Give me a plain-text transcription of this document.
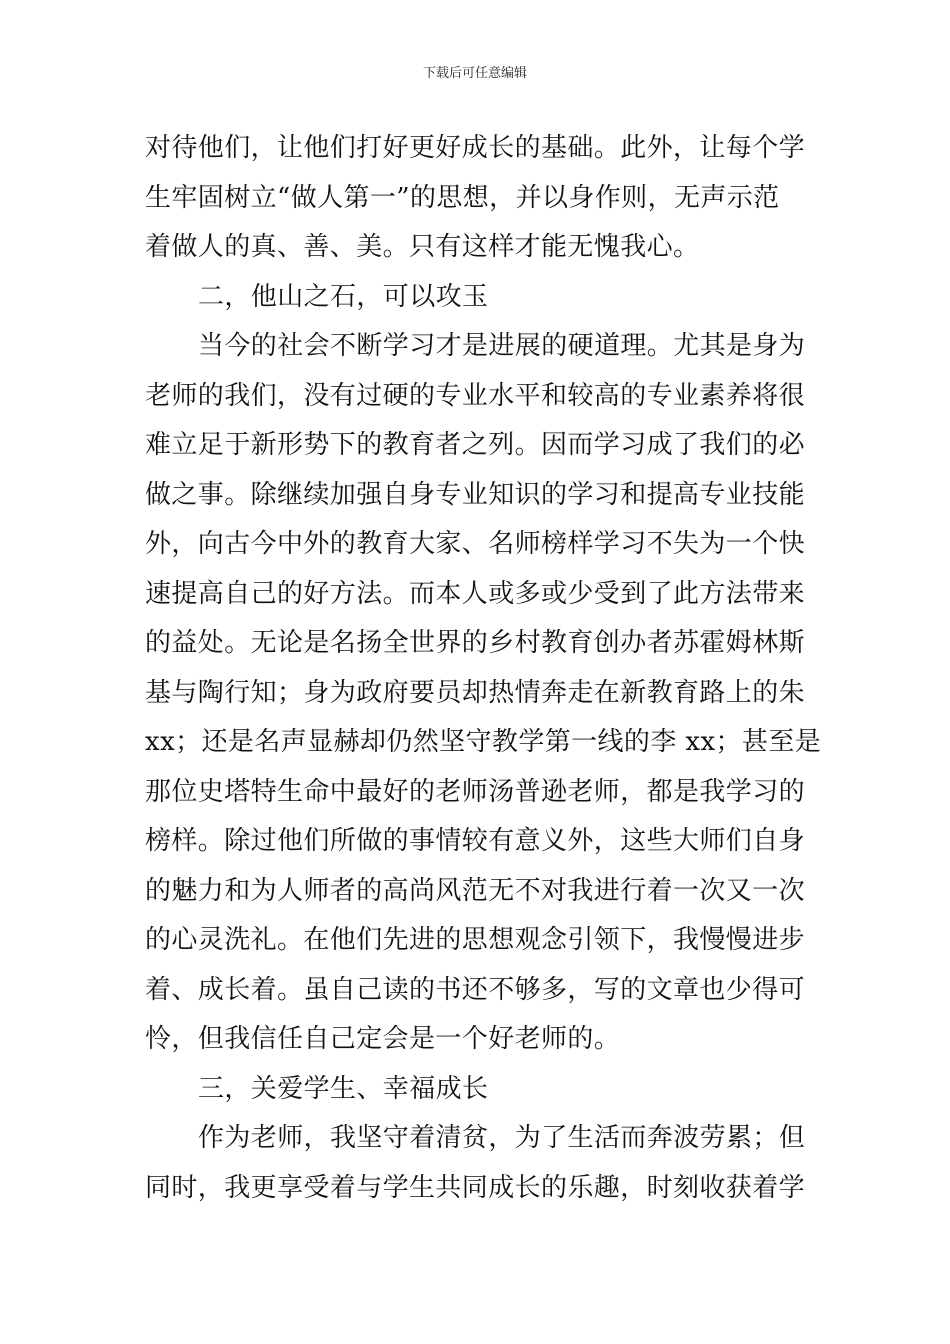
下载后可任意编辑
对待他们，让他们打好更好成长的基础。此外，让每个学
生牢固树立“做人第一”的思想，并以身作则，无声示范
着做人的真、善、美。只有这样才能无愧我心。
二，他山之石，可以攻玉
当今的社会不断学习才是进展的硬道理。尤其是身为
老师的我们，没有过硬的专业水平和较高的专业素养将很
难立足于新形势下的教育者之列。因而学习成了我们的必
做之事。除继续加强自身专业知识的学习和提高专业技能
外，向古今中外的教育大家、名师榜样学习不失为一个快
速提高自己的好方法。而本人或多或少受到了此方法带来
的益处。无论是名扬全世界的乡村教育创办者苏霍姆林斯
基与陶行知；身为政府要员却热情奔走在新教育路上的朱
xx；还是名声显赫却仍然坚守教学第一线的李 xx；甚至是
那位史塔特生命中最好的老师汤普逊老师，都是我学习的
榜样。除过他们所做的事情较有意义外，这些大师们自身
的魅力和为人师者的高尚风范无不对我进行着一次又一次
的心灵洗礼。在他们先进的思想观念引领下，我慢慢进步
着、成长着。虽自己读的书还不够多，写的文章也少得可
怜，但我信任自己定会是一个好老师的。
三，关爱学生、幸福成长
作为老师，我坚守着清贫，为了生活而奔波劳累；但
同时，我更享受着与学生共同成长的乐趣，时刻收获着学
